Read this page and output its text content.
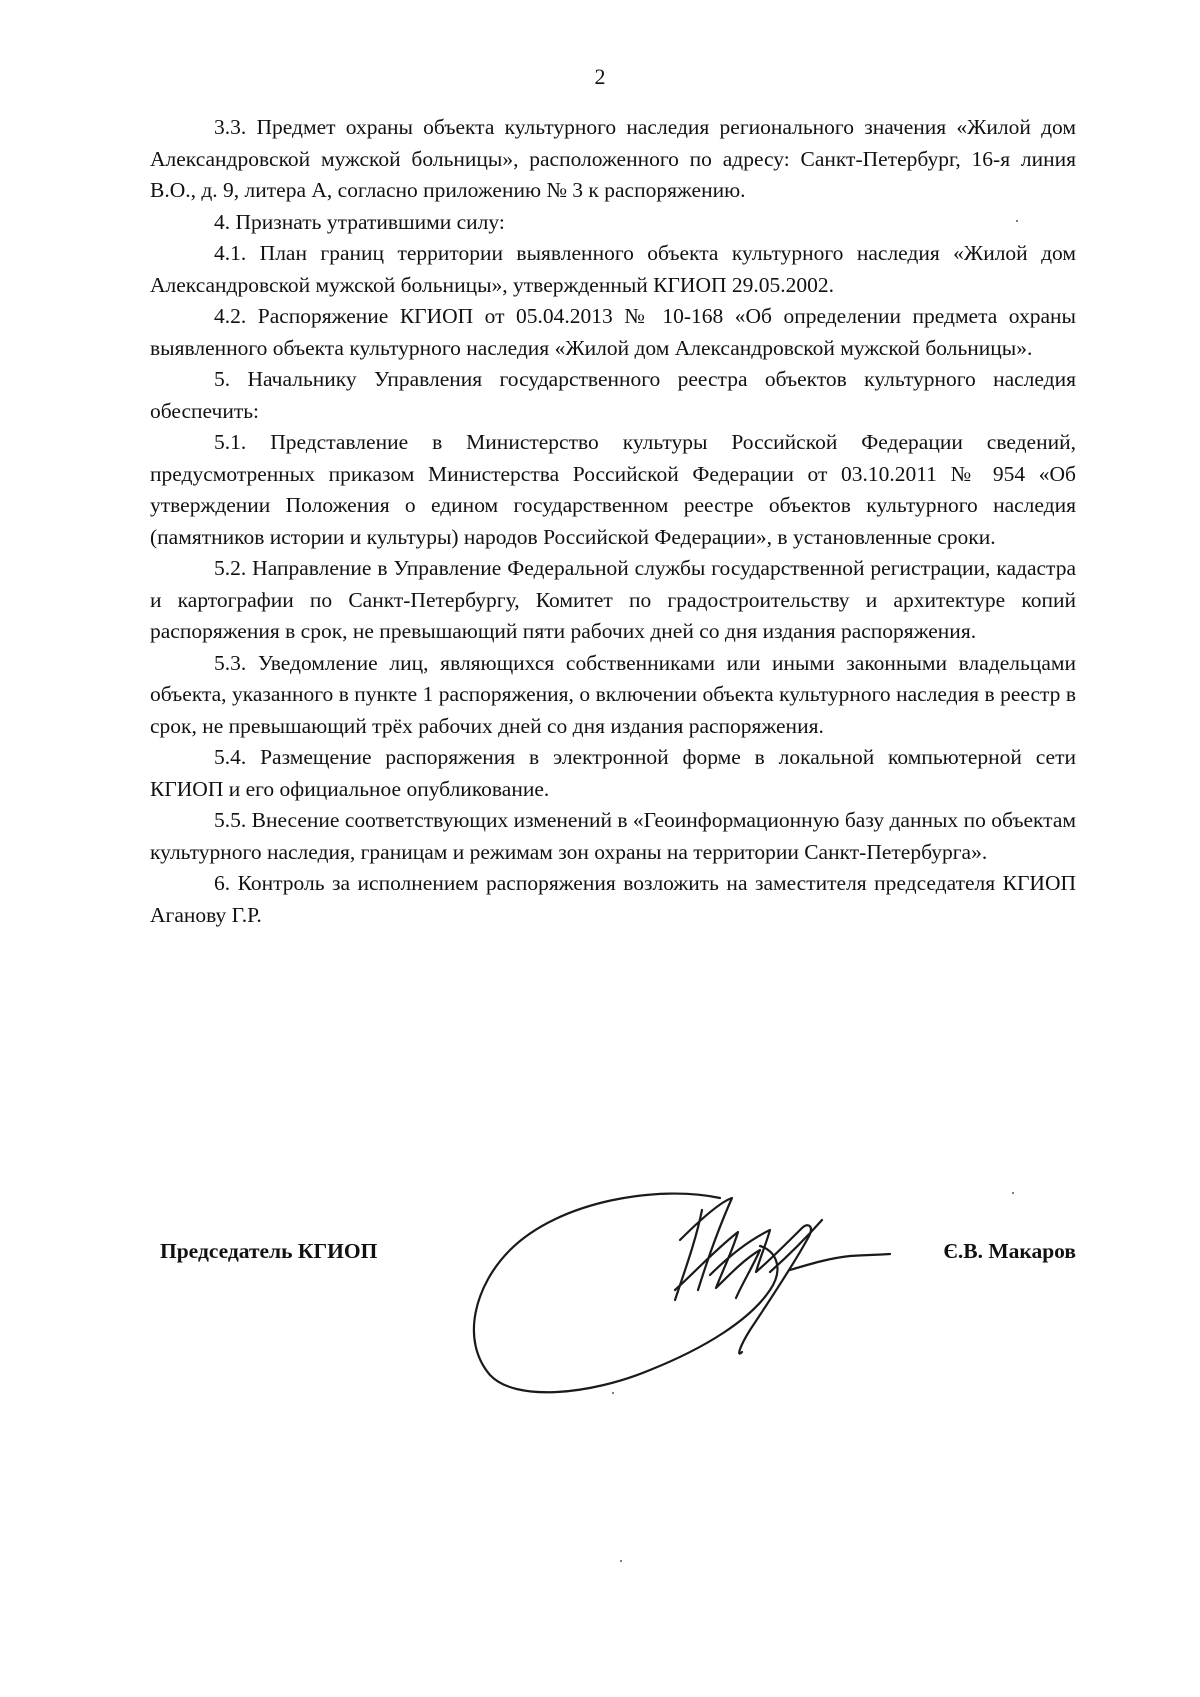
2

3.3. Предмет охраны объекта культурного наследия регионального значения «Жилой дом Александровской мужской больницы», расположенного по адресу: Санкт-Петербург, 16-я линия В.О., д. 9, литера А, согласно приложению № 3 к распоряжению.

4. Признать утратившими силу:

4.1. План границ территории выявленного объекта культурного наследия «Жилой дом Александровской мужской больницы», утвержденный КГИОП 29.05.2002.

4.2. Распоряжение КГИОП от 05.04.2013 № 10-168 «Об определении предмета охраны выявленного объекта культурного наследия «Жилой дом Александровской мужской больницы».

5. Начальнику Управления государственного реестра объектов культурного наследия обеспечить:

5.1. Представление в Министерство культуры Российской Федерации сведений, предусмотренных приказом Министерства Российской Федерации от 03.10.2011 № 954 «Об утверждении Положения о едином государственном реестре объектов культурного наследия (памятников истории и культуры) народов Российской Федерации», в установленные сроки.

5.2. Направление в Управление Федеральной службы государственной регистрации, кадастра и картографии по Санкт-Петербургу, Комитет по градостроительству и архитектуре копий распоряжения в срок, не превышающий пяти рабочих дней со дня издания распоряжения.

5.3. Уведомление лиц, являющихся собственниками или иными законными владельцами объекта, указанного в пункте 1 распоряжения, о включении объекта культурного наследия в реестр в срок, не превышающий трёх рабочих дней со дня издания распоряжения.

5.4. Размещение распоряжения в электронной форме в локальной компьютерной сети КГИОП и его официальное опубликование.

5.5. Внесение соответствующих изменений в «Геоинформационную базу данных по объектам культурного наследия, границам и режимам зон охраны на территории Санкт-Петербурга».

6. Контроль за исполнением распоряжения возложить на заместителя председателя КГИОП Аганову Г.Р.

Председатель КГИОП	Є.В. Макаров
